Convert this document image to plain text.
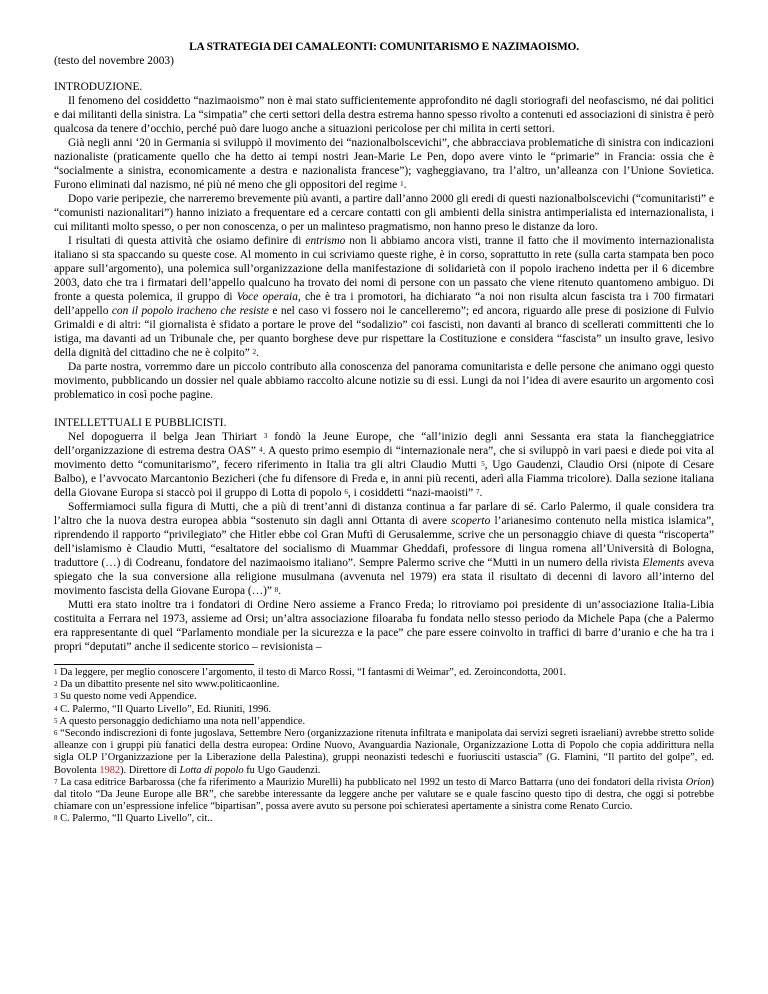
LA STRATEGIA DEI CAMALEONTI: COMUNITARISMO E NAZIMAOISMO.

(testo del novembre 2003)

INTRODUZIONE.

Il fenomeno del cosiddetto “nazimaoismo” non è mai stato sufficientemente approfondito né dagli storiografi del neofascismo, né dai politici e dai militanti della sinistra. La “simpatia” che certi settori della destra estrema hanno spesso rivolto a contenuti ed associazioni di sinistra è però qualcosa da tenere d’occhio, perché può dare luogo anche a situazioni pericolose per chi milita in certi settori.

Già negli anni ‘20 in Germania si sviluppò il movimento dei “nazionalbolscevichi”, che abbracciava problematiche di sinistra con indicazioni nazionaliste (praticamente quello che ha detto ai tempi nostri Jean-Marie Le Pen, dopo avere vinto le “primarie” in Francia: ossia che è “socialmente a sinistra, economicamente a destra e nazionalista francese”); vagheggiavano, tra l’altro, un’alleanza con l’Unione Sovietica. Furono eliminati dal nazismo, né più né meno che gli oppositori del regime $^1$.

Dopo varie peripezie, che narreremo brevemente più avanti, a partire dall’anno 2000 gli eredi di questi nazionalbolscevichi (“comunitaristi” e “comunisti nazionalitari”) hanno iniziato a frequentare ed a cercare contatti con gli ambienti della sinistra antimperialista ed internazionalista, i cui militanti molto spesso, o per non conoscenza, o per un malinteso pragmatismo, non hanno preso le distanze da loro.

I risultati di questa attività che osiamo definire di entrismo non li abbiamo ancora visti, tranne il fatto che il movimento internazionalista italiano si sta spaccando su queste cose. Al momento in cui scriviamo queste righe, è in corso, soprattutto in rete (sulla carta stampata ben poco appare sull’argomento), una polemica sull’organizzazione della manifestazione di solidarietà con il popolo iracheno indetta per il 6 dicembre 2003, dato che tra i firmatari dell’appello qualcuno ha trovato dei nomi di persone con un passato che viene ritenuto quantomeno ambiguo. Di fronte a questa polemica, il gruppo di Voce operaia, che è tra i promotori, ha dichiarato “a noi non risulta alcun fascista tra i 700 firmatari dell’appello con il popolo iracheno che resiste e nel caso vi fossero noi le cancelleremo”; ed ancora, riguardo alle prese di posizione di Fulvio Grimaldi e di altri: “il giornalista è sfidato a portare le prove del “sodalizio” coi fascisti, non davanti al branco di scellerati committenti che lo istiga, ma davanti ad un Tribunale che, per quanto borghese deve pur rispettare la Costituzione e considera “fascista” un insulto grave, lesivo della dignità del cittadino che ne è colpito” $^2$.

Da parte nostra, vorremmo dare un piccolo contributo alla conoscenza del panorama comunitarista e delle persone che animano oggi questo movimento, pubblicando un dossier nel quale abbiamo raccolto alcune notizie su di essi. Lungi da noi l’idea di avere esaurito un argomento così problematico in così poche pagine.

INTELLETTUALI E PUBBLICISTI.

Nel dopoguerra il belga Jean Thiriart $^3$ fondò la Jeune Europe, che “all’inizio degli anni Sessanta era stata la fiancheggiatrice dell’organizzazione di estrema destra OAS” $^4$. A questo primo esempio di “internazionale nera”, che si sviluppò in vari paesi e diede poi vita al movimento detto “comunitarismo”, fecero riferimento in Italia tra gli altri Claudio Mutti $^5$, Ugo Gaudenzi, Claudio Orsi (nipote di Cesare Balbo), e l’avvocato Marcantonio Bezicheri (che fu difensore di Freda e, in anni più recenti, aderì alla Fiamma tricolore). Dalla sezione italiana della Giovane Europa si staccò poi il gruppo di Lotta di popolo $^6$, i cosiddetti “nazi-maoisti” $^7$.

Soffermiamoci sulla figura di Mutti, che a più di trent’anni di distanza continua a far parlare di sé. Carlo Palermo, il quale considera tra l’altro che la nuova destra europea abbia “sostenuto sin dagli anni Ottanta di avere scoperto l’arianesimo contenuto nella mistica islamica”, riprendendo il rapporto “privilegiato” che Hitler ebbe col Gran Muftì di Gerusalemme, scrive che un personaggio chiave di questa “riscoperta” dell’islamismo è Claudio Mutti, “esaltatore del socialismo di Muammar Gheddafi, professore di lingua romena all’Università di Bologna, traduttore (…) di Codreanu, fondatore del nazimaoismo italiano”. Sempre Palermo scrive che “Mutti in un numero della rivista Elements aveva spiegato che la sua conversione alla religione musulmana (avvenuta nel 1979) era stata il risultato di decenni di lavoro all’interno del movimento fascista della Giovane Europa (…)” $^8$.

Mutti era stato inoltre tra i fondatori di Ordine Nero assieme a Franco Freda; lo ritroviamo poi presidente di un’associazione Italia-Libia costituita a Ferrara nel 1973, assieme ad Orsi; un’altra associazione filoaraba fu fondata nello stesso periodo da Michele Papa (che a Palermo era rappresentante di quel “Parlamento mondiale per la sicurezza e la pace” che pare essere coinvolto in traffici di barre d’uranio e che ha tra i propri “deputati” anche il sedicente storico – revisionista –

$^1$ Da leggere, per meglio conoscere l’argomento, il testo di Marco Rossi, “I fantasmi di Weimar”, ed. Zeroincondotta, 2001.

$^2$ Da un dibattito presente nel sito www.politicaonline.

$^3$ Su questo nome vedi Appendice.

$^4$ C. Palermo, “Il Quarto Livello”, Ed. Riuniti, 1996.

$^5$ A questo personaggio dedichiamo una nota nell’appendice.

$^6$ “Secondo indiscrezioni di fonte jugoslava, Settembre Nero (organizzazione ritenuta infiltrata e manipolata dai servizi segreti israeliani) avrebbe stretto solide alleanze con i gruppi più fanatici della destra europea: Ordine Nuovo, Avanguardia Nazionale, Organizzazione Lotta di Popolo che copia addirittura nella sigla OLP l’Organizzazione per la Liberazione della Palestina), gruppi neonazisti tedeschi e fuoriusciti ustascia” (G. Flamini, “Il partito del golpe”, ed. Bovolenta 1982). Direttore di Lotta di popolo fu Ugo Gaudenzi.

$^7$ La casa editrice Barbarossa (che fa riferimento a Maurizio Murelli) ha pubblicato nel 1992 un testo di Marco Battarra (uno dei fondatori della rivista Orion) dal titolo “Da Jeune Europe alle BR”, che sarebbe interessante da leggere anche per valutare se e quale fascino questo tipo di destra, che oggi si potrebbe chiamare con un’espressione infelice “bipartisan”, possa avere avuto su persone poi schieratesi apertamente a sinistra come Renato Curcio.

$^8$ C. Palermo, “Il Quarto Livello”, cit..
